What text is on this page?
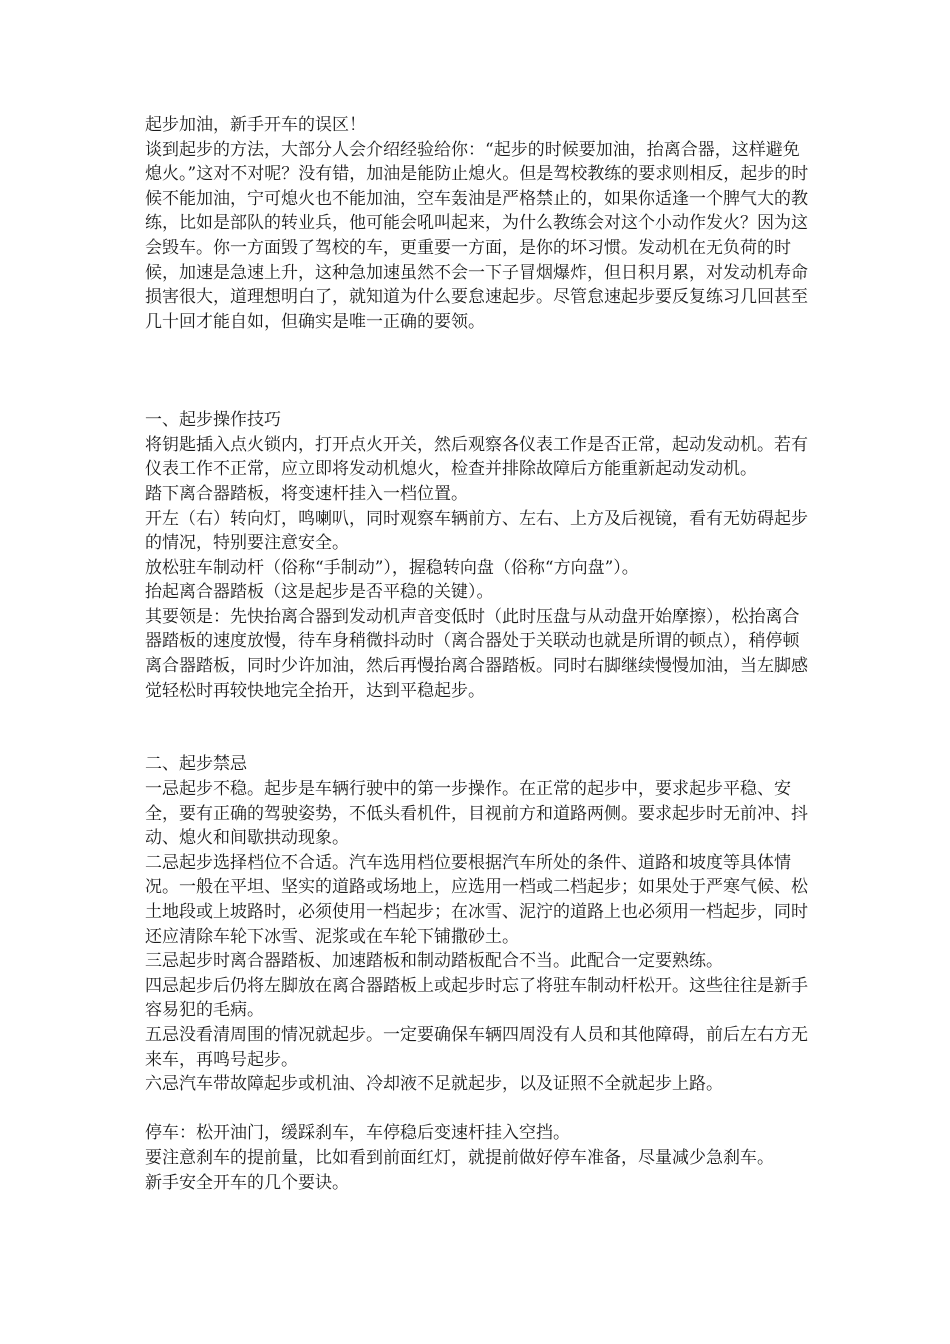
起步加油，新手开车的误区！

谈到起步的方法，大部分人会介绍经验给你：“起步的时候要加油，抬离合器，这样避免熄火。”这对不对呢？没有错，加油是能防止熄火。但是驾校教练的要求则相反，起步的时候不能加油，宁可熄火也不能加油，空车轰油是严格禁止的，如果你适逢一个脾气大的教练，比如是部队的转业兵，他可能会吼叫起来，为什么教练会对这个小动作发火？因为这会毁车。你一方面毁了驾校的车，更重要一方面，是你的坏习惯。发动机在无负荷的时候，加速是急速上升，这种急加速虽然不会一下子冒烟爆炸，但日积月累，对发动机寿命损害很大，道理想明白了，就知道为什么要怠速起步。尽管怠速起步要反复练习几回甚至几十回才能自如，但确实是唯一正确的要领。

一、起步操作技巧

将钥匙插入点火锁内，打开点火开关，然后观察各仪表工作是否正常，起动发动机。若有仪表工作不正常，应立即将发动机熄火，检查并排除故障后方能重新起动发动机。

踏下离合器踏板，将变速杆挂入一档位置。

开左（右）转向灯，鸣喇叭，同时观察车辆前方、左右、上方及后视镜，看有无妨碍起步的情况，特别要注意安全。

放松驻车制动杆（俗称“手制动”），握稳转向盘（俗称“方向盘”）。

抬起离合器踏板（这是起步是否平稳的关键）。

其要领是：先快抬离合器到发动机声音变低时（此时压盘与从动盘开始摩擦），松抬离合器踏板的速度放慢，待车身稍微抖动时（离合器处于关联动也就是所谓的顿点），稍停顿离合器踏板，同时少许加油，然后再慢抬离合器踏板。同时右脚继续慢慢加油，当左脚感觉轻松时再较快地完全抬开，达到平稳起步。

二、起步禁忌

一忌起步不稳。起步是车辆行驶中的第一步操作。在正常的起步中，要求起步平稳、安全，要有正确的驾驶姿势，不低头看机件，目视前方和道路两侧。要求起步时无前冲、抖动、熄火和间歇拱动现象。

二忌起步选择档位不合适。汽车选用档位要根据汽车所处的条件、道路和坡度等具体情况。一般在平坦、坚实的道路或场地上，应选用一档或二档起步；如果处于严寒气候、松土地段或上坡路时，必须使用一档起步；在冰雪、泥泞的道路上也必须用一档起步，同时还应清除车轮下冰雪、泥浆或在车轮下铺撒砂土。

三忌起步时离合器踏板、加速踏板和制动踏板配合不当。此配合一定要熟练。

四忌起步后仍将左脚放在离合器踏板上或起步时忘了将驻车制动杆松开。这些往往是新手容易犯的毛病。

五忌没看清周围的情况就起步。一定要确保车辆四周没有人员和其他障碍，前后左右方无来车，再鸣号起步。

六忌汽车带故障起步或机油、冷却液不足就起步，以及证照不全就起步上路。

停车：松开油门，缓踩刹车，车停稳后变速杆挂入空挡。

要注意刹车的提前量，比如看到前面红灯，就提前做好停车准备，尽量减少急刹车。

新手安全开车的几个要诀。
